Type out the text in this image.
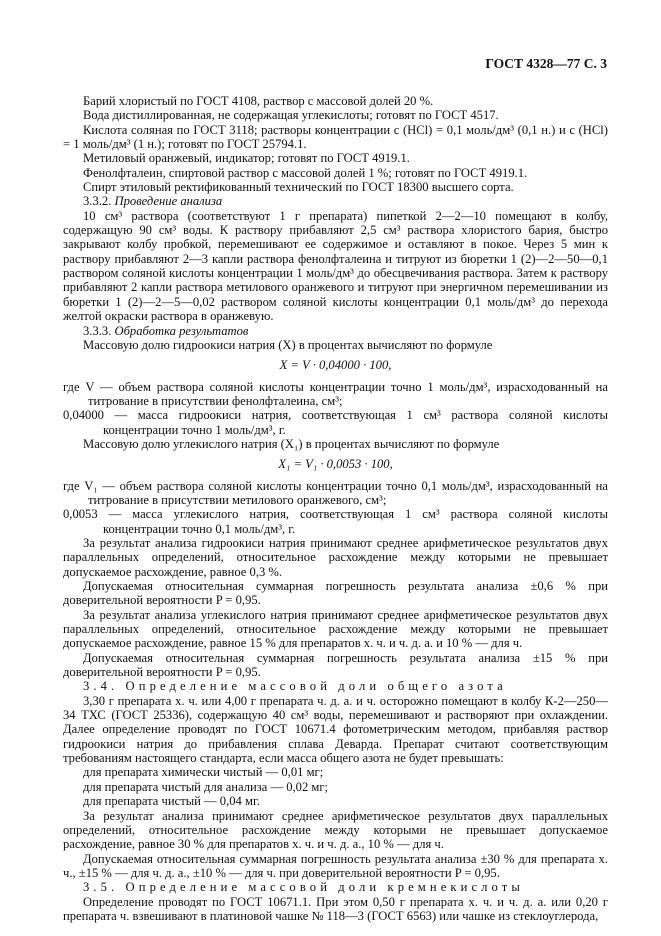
ГОСТ 4328—77 С. 3

Барий хлористый по ГОСТ 4108, раствор с массовой долей 20 %.

Вода дистиллированная, не содержащая углекислоты; готовят по ГОСТ 4517.

Кислота соляная по ГОСТ 3118; растворы концентрации c (HCl) = 0,1 моль/дм³ (0,1 н.) и c (HCl) = 1 моль/дм³ (1 н.); готовят по ГОСТ 25794.1.

Метиловый оранжевый, индикатор; готовят по ГОСТ 4919.1.

Фенолфталеин, спиртовой раствор с массовой долей 1 %; готовят по ГОСТ 4919.1.

Спирт этиловый ректификованный технический по ГОСТ 18300 высшего сорта.

3.3.2. Проведение анализа

10 см³ раствора (соответствуют 1 г препарата) пипеткой 2—2—10 помещают в колбу, содержащую 90 см³ воды. К раствору прибавляют 2,5 см³ раствора хлористого бария, быстро закрывают колбу пробкой, перемешивают ее содержимое и оставляют в покое. Через 5 мин к раствору прибавляют 2—3 капли раствора фенолфталеина и титруют из бюретки 1 (2)—2—50—0,1 раствором соляной кислоты концентрации 1 моль/дм³ до обесцвечивания раствора. Затем к раствору прибавляют 2 капли раствора метилового оранжевого и титруют при энергичном перемешивании из бюретки 1 (2)—2—5—0,02 раствором соляной кислоты концентрации 0,1 моль/дм³ до перехода желтой окраски раствора в оранжевую.

3.3.3. Обработка результатов

Массовую долю гидроокиси натрия (X) в процентах вычисляют по формуле

X = V · 0,04000 · 100,

где V — объем раствора соляной кислоты концентрации точно 1 моль/дм³, израсходованный на титрование в присутствии фенолфталеина, см³;

0,04000 — масса гидроокиси натрия, соответствующая 1 см³ раствора соляной кислоты концентрации точно 1 моль/дм³, г.

Массовую долю углекислого натрия (X₁) в процентах вычисляют по формуле

X₁ = V₁ · 0,0053 · 100,

где V₁ — объем раствора соляной кислоты концентрации точно 0,1 моль/дм³, израсходованный на титрование в присутствии метилового оранжевого, см³;

0,0053 — масса углекислого натрия, соответствующая 1 см³ раствора соляной кислоты концентрации точно 0,1 моль/дм³, г.

За результат анализа гидроокиси натрия принимают среднее арифметическое результатов двух параллельных определений, относительное расхождение между которыми не превышает допускаемое расхождение, равное 0,3 %.

Допускаемая относительная суммарная погрешность результата анализа ±0,6 % при доверительной вероятности P = 0,95.

За результат анализа углекислого натрия принимают среднее арифметическое результатов двух параллельных определений, относительное расхождение между которыми не превышает допускаемое расхождение, равное 15 % для препаратов х. ч. и ч. д. а. и 10 % — для ч.

Допускаемая относительная суммарная погрешность результата анализа ±15 % при доверительной вероятности P = 0,95.

3.4. Определение массовой доли общего азота

3,30 г препарата х. ч. или 4,00 г препарата ч. д. а. и ч. осторожно помещают в колбу К-2—250—34 ТХС (ГОСТ 25336), содержащую 40 см³ воды, перемешивают и растворяют при охлаждении. Далее определение проводят по ГОСТ 10671.4 фотометрическим методом, прибавляя раствор гидроокиси натрия до прибавления сплава Деварда. Препарат считают соответствующим требованиям настоящего стандарта, если масса общего азота не будет превышать:

для препарата химически чистый — 0,01 мг;

для препарата чистый для анализа — 0,02 мг;

для препарата чистый — 0,04 мг.

За результат анализа принимают среднее арифметическое результатов двух параллельных определений, относительное расхождение между которыми не превышает допускаемое расхождение, равное 30 % для препаратов х. ч. и ч. д. а., 10 % — для ч.

Допускаемая относительная суммарная погрешность результата анализа ±30 % для препарата х. ч., ±15 % — для ч. д. а., ±10 % — для ч. при доверительной вероятности P = 0,95.

3.5. Определение массовой доли кремнекислоты

Определение проводят по ГОСТ 10671.1. При этом 0,50 г препарата х. ч. и ч. д. а. или 0,20 г препарата ч. взвешивают в платиновой чашке № 118—3 (ГОСТ 6563) или чашке из стеклоуглерода,
